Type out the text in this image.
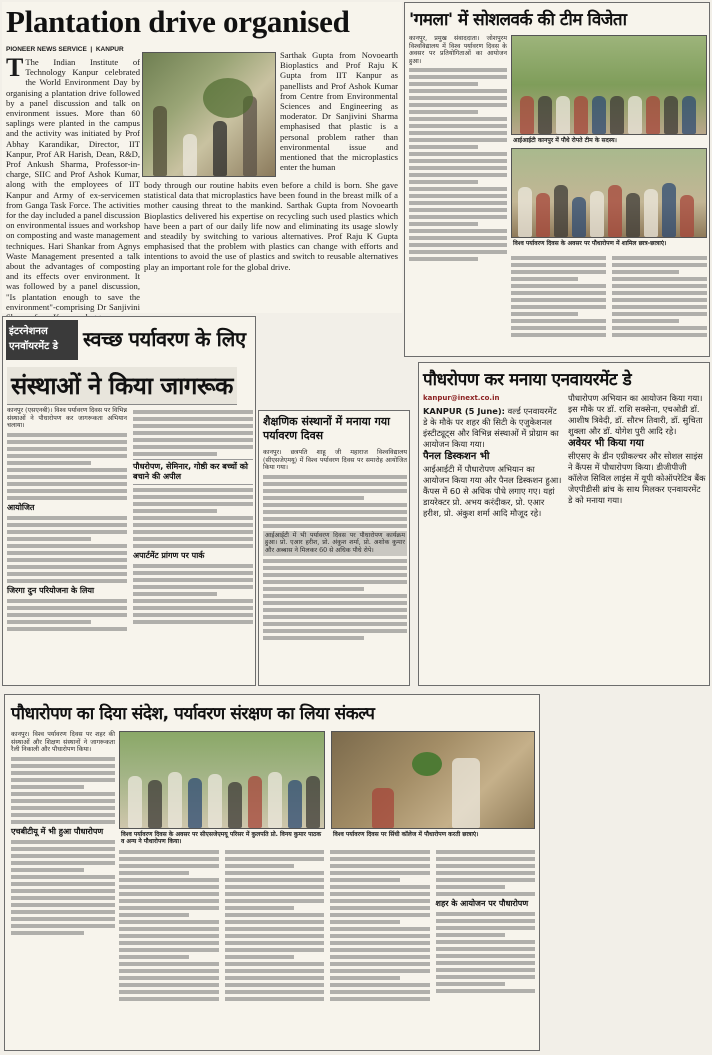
Plantation drive organised
PIONEER NEWS SERVICE  |  KANPUR
T The Indian Institute of Technology Kanpur celebrated the World Environment Day by organising a plantation drive followed by a panel discussion and talk on environment issues. More than 60 saplings were planted in the campus and the activity was initiated by Prof Abhay Karandikar, Director, IIT Kanpur, Prof AR Harish, Dean, R&D, Prof Ankush Sharma, Professor-in-charge, SIIC and Prof Ashok Kumar, along with the employees of IIT Kanpur and Army of ex-servicemen from Ganga Task Force. The activities for the day included a panel discussion on environmental issues and workshop on composting and waste management techniques. Hari Shankar from Agnys Waste Management presented a talk about the advantages of composting and its effects over environment. It was followed by a panel discussion, "Is plantation enough to save the environment"-comprising Dr Sanjivini
Sarthak Gupta from Novoearth Bioplastics and Prof Raju K Gupta from IIT Kanpur as panellists and Prof Ashok Kumar from Centre from Environmental Sciences and Engineering as moderator. Dr Sanjivini Sharma emphasised that plastic is a personal problem rather than environmental issue and mentioned that the microplastics enter the human
body through our routine habits even before a child is born. She gave statistical data that microplastics have been found in the breast milk of a mother causing threat to the mankind. Sarthak Gupta from Novoearth Bioplastics delivered his expertise on recycling such used plastics which have been a part of our daily life now and eliminating its usage slowly and steadily by switching to various alternatives. Prof Raju K Gupta emphasised that the problem with plastics can change with efforts and intentions to avoid the use of plastics and switch to reusable alternatives play an important role for the global drive.
'गमला' में सोशलवर्क की टीम विजेता
कानपुर, प्रमुख संवाददाता। जोशपुरम विश्वविद्यालय में विश्व पर्यावरण दिवस के अवसर पर प्रतियोगिताओं का आयोजन हुआ।
आईआईटी कानपुर में पौधे रोपते टीम के सदस्य।
विश्व पर्यावरण दिवस के अवसर पर पौधारोपण में शामिल छात्र-छात्राएं।
इंटरनेशनल
एनवॉयरमेंट डे	स्वच्छ पर्यावरण के लिए
संस्थाओं ने किया जागरूक
कानपुर (एसएनबी)। विश्व पर्यावरण दिवस पर विभिन्न संस्थाओं ने पौधारोपण कर जागरूकता अभियान चलाया।
आयोजित
जिरगा दुन परियोजना के लिया
पौधरोपण, सेमिनार, गोष्ठी कर बच्चों को बचाने की अपील
अपार्टमेंट प्रांगण पर पार्क
शैक्षणिक संस्थानों में मनाया गया पर्यावरण दिवस
कानपुर। छत्रपति शाहू जी महाराज विश्वविद्यालय (सीएसजेएमयू) में विश्व पर्यावरण दिवस पर समारोह आयोजित किया गया।
आईआईटी में भी पर्यावरण दिवस पर पौधारोपण कार्यक्रम हुआ। प्रो. एआर हरीश, प्रो. अंकुश शर्मा, प्रो. अशोक कुमार और अब्बास ने मिलकर 60 से अधिक पौधे रोपे।
पौधरोपण कर मनाया एनवायरमेंट डे
kanpur@inext.co.in
KANPUR (5 June): वर्ल्ड एनवायरमेंट डे के मौके पर शहर की सिटी के एजुकेशनल इंस्टीट्यूट्स और विभिन्न संस्थाओं में प्रोग्राम का आयोजन किया गया।
पैनल डिस्कशन भी
आईआईटी में पौधारोपण अभियान का आयोजन किया गया और पैनल डिस्कशन हुआ। कैंपस में 60 से अधिक पौधे लगाए गए। यहां डायरेक्टर प्रो. अभय करंदीकर, प्रो. एआर हरीश, प्रो. अंकुश शर्मा आदि मौजूद रहे।
पौधारोपण अभियान का आयोजन किया गया। इस मौके पर डॉ. राशि सक्सेना, एचओडी डॉ. आशीष त्रिवेदी, डॉ. सौरभ तिवारी, डॉ. सुचिता शुक्ला और डॉ. योगेश पुरी आदि रहे।
अवेयर भी किया गया
सीएसए के डीन एग्रीकल्चर और सोशल साइंस ने कैंपस में पौधारोपण किया। डीजीपीजी कॉलेज सिविल लाइंस में यूपी कोऑपरेटिव बैंक जेएपीडीसी ब्रांच के साथ मिलकर एनवायरमेंट डे को मनाया गया।
पौधारोपण का दिया संदेश, पर्यावरण संरक्षण का लिया संकल्प
कानपुर। विश्व पर्यावरण दिवस पर शहर की संस्थाओं और शिक्षण संस्थानों ने जागरूकता रैली निकाली और पौधारोपण किया।
एचबीटीयू में भी हुआ पौधारोपण	विश्व पर्यावरण दिवस के अवसर पर सीएसजेएमयू परिसर में कुलपति प्रो. विनय कुमार पाठक व अन्य ने पौधारोपण किया।
विश्व पर्यावरण दिवस पर सिंधी कॉलेज में पौधारोपण करती छात्राएं।
शहर के आयोजन पर पौधारोपण
